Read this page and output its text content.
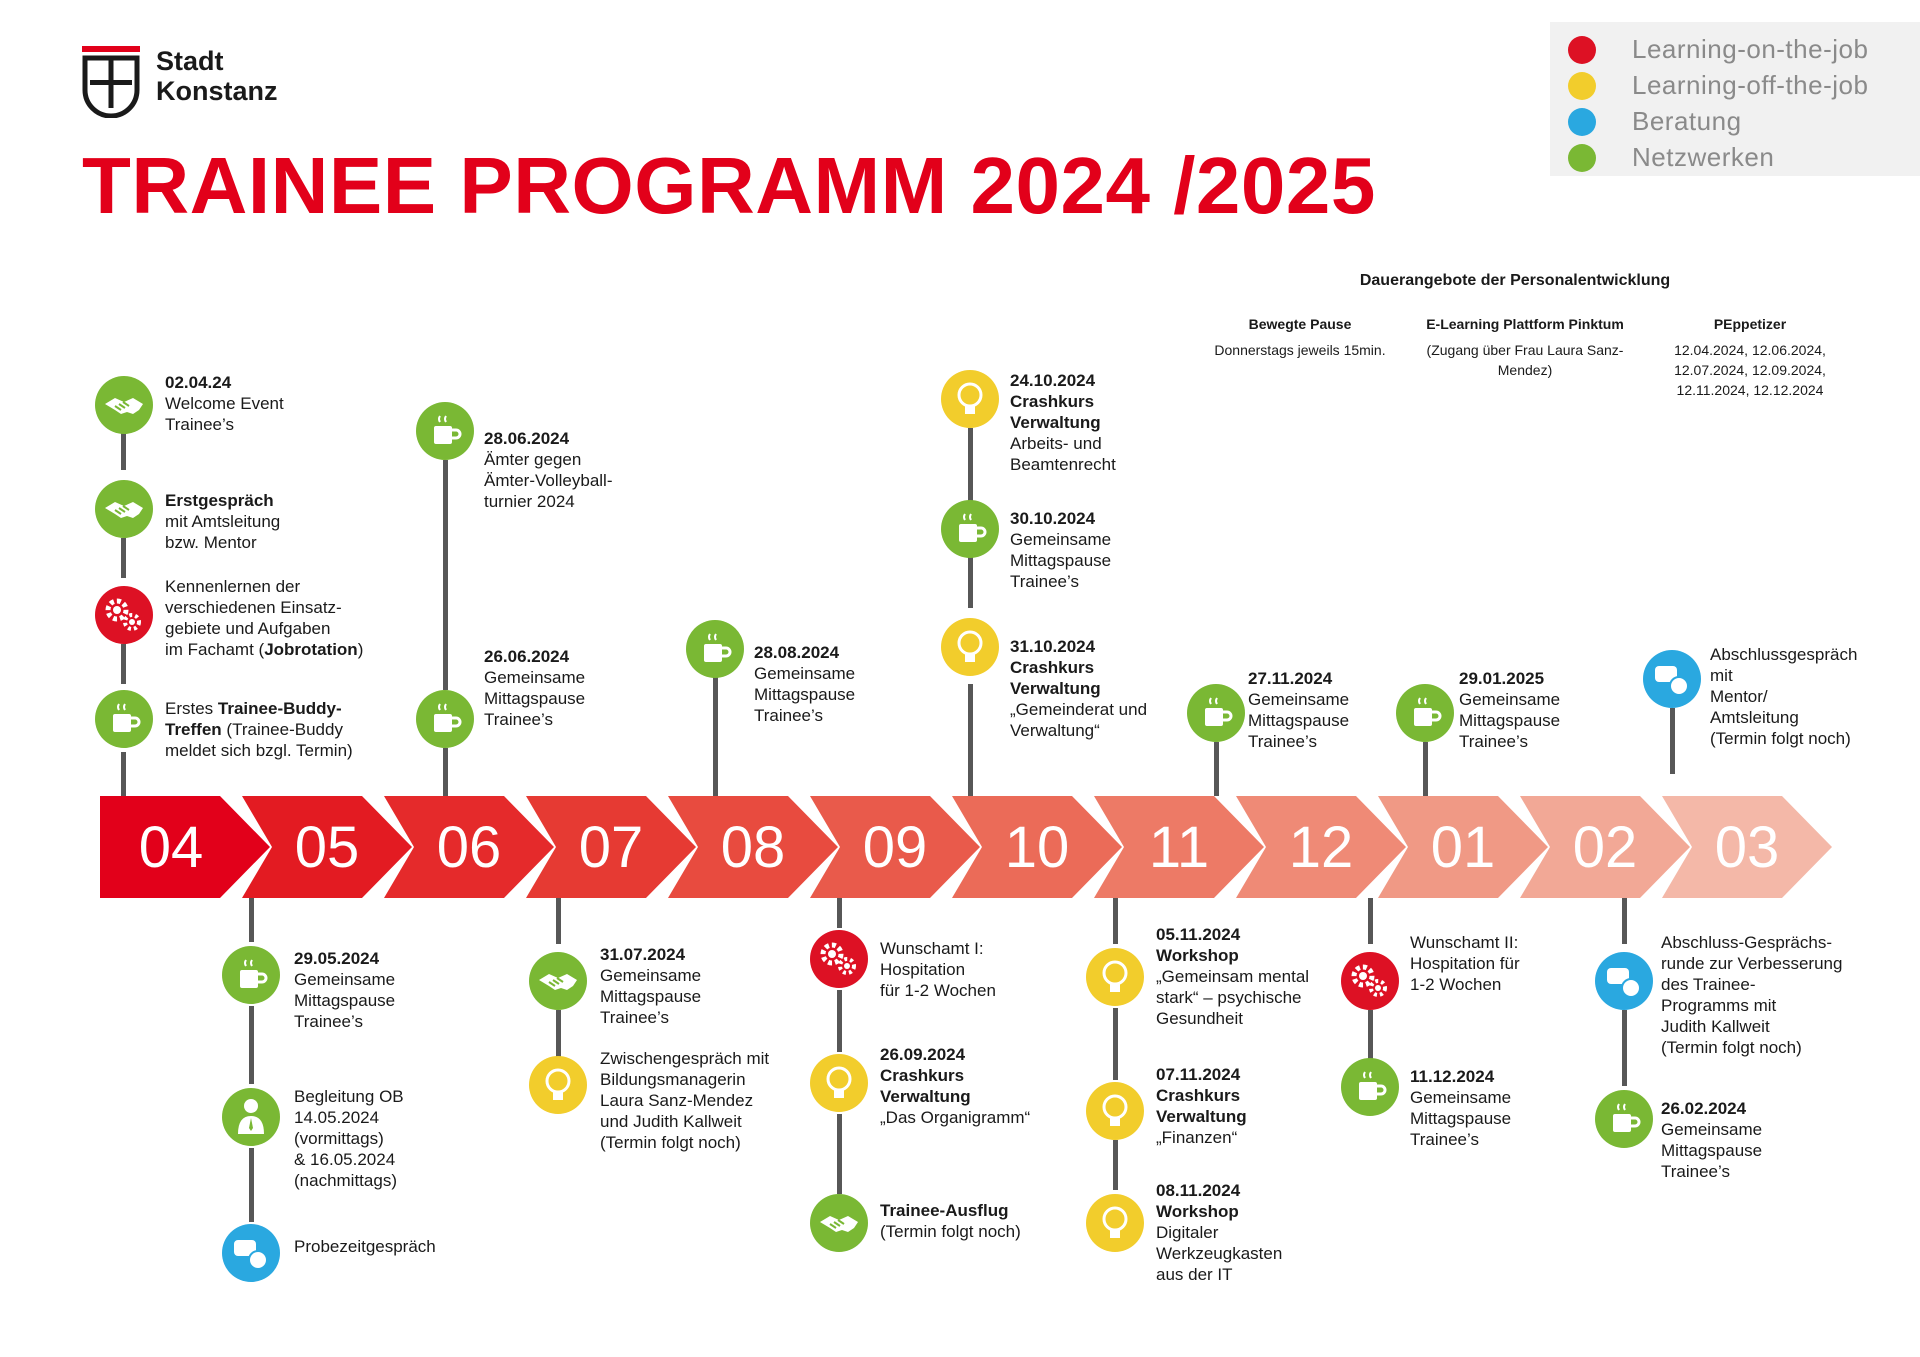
Stadt
Konstanz
TRAINEE PROGRAMM 2024 /2025
Learning-on-the-job
Learning-off-the-job
Beratung
Netzwerken
Dauerangebote der Personalentwicklung
Bewegte Pause
Donnerstags jeweils 15min.
E-Learning Plattform Pinktum
(Zugang über Frau Laura Sanz-
Mendez)
PEppetizer
12.04.2024, 12.06.2024,
12.07.2024, 12.09.2024,
12.11.2024, 12.12.2024
04	05	06	07	08	09	10	11	12	01	02	03
02.04.24
Welcome Event
Trainee’s
Erstgespräch
mit Amtsleitung
bzw. Mentor
Kennenlernen der
verschiedenen Einsatz-
gebiete und Aufgaben
im Fachamt (Jobrotation)
Erstes Trainee-Buddy-
Treffen (Trainee-Buddy
meldet sich bzgl. Termin)
28.06.2024
Ämter gegen
Ämter-Volleyball-
turnier 2024
26.06.2024
Gemeinsame
Mittagspause
Trainee’s
28.08.2024
Gemeinsame
Mittagspause
Trainee’s
24.10.2024
Crashkurs
Verwaltung
Arbeits- und
Beamtenrecht
30.10.2024
Gemeinsame
Mittagspause
Trainee’s
31.10.2024
Crashkurs
Verwaltung
„Gemeinderat und
Verwaltung“
27.11.2024
Gemeinsame
Mittagspause
Trainee’s
29.01.2025
Gemeinsame
Mittagspause
Trainee’s
Abschlussgespräch
mit
Mentor/
Amtsleitung
(Termin folgt noch)
29.05.2024
Gemeinsame
Mittagspause
Trainee’s
Begleitung OB
14.05.2024
(vormittags)
& 16.05.2024
(nachmittags)
Probezeitgespräch
31.07.2024
Gemeinsame
Mittagspause
Trainee’s
Zwischengespräch mit
Bildungsmanagerin
Laura Sanz-Mendez
und Judith Kallweit
(Termin folgt noch)
Wunschamt I:
Hospitation
für 1-2 Wochen
26.09.2024
Crashkurs
Verwaltung
„Das Organigramm“
Trainee-Ausflug
(Termin folgt noch)
05.11.2024
Workshop
„Gemeinsam mental
stark“ – psychische
Gesundheit
07.11.2024
Crashkurs
Verwaltung
„Finanzen“
08.11.2024
Workshop
Digitaler
Werkzeugkasten
aus der IT
Wunschamt II:
Hospitation für
1-2 Wochen
11.12.2024
Gemeinsame
Mittagspause
Trainee’s
Abschluss-Gesprächs-
runde zur Verbesserung
des Trainee-
Programms mit
Judith Kallweit
(Termin folgt noch)
26.02.2024
Gemeinsame
Mittagspause
Trainee’s
